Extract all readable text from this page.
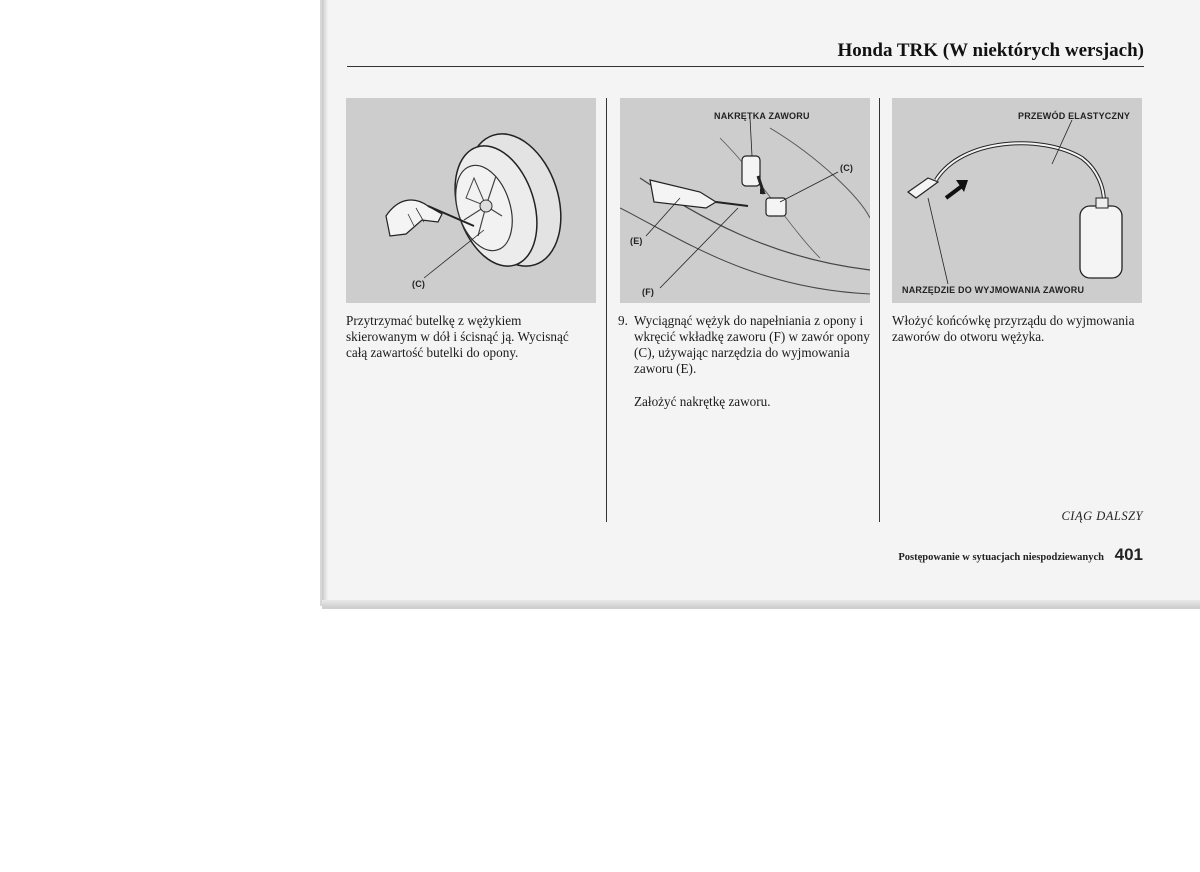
Honda TRK (W niektórych wersjach)
(C)
NAKRĘTKA ZAWORU
(C)
(E)
(F)
PRZEWÓD ELASTYCZNY
NARZĘDZIE DO WYJMOWANIA ZAWORU
Przytrzymać butelkę z wężykiem skierowanym w dół i ścisnąć ją. Wycisnąć całą zawartość butelki do opony.
9. Wyciągnąć wężyk do napełniania z opony i wkręcić wkładkę zaworu (F) w zawór opony (C), używając narzędzia do wyjmowania zaworu (E).
Założyć nakrętkę zaworu.
Włożyć końcówkę przyrządu do wyjmowania zaworów do otworu wężyka.
CIĄG DALSZY
Postępowanie w sytuacjach niespodziewanych 401
